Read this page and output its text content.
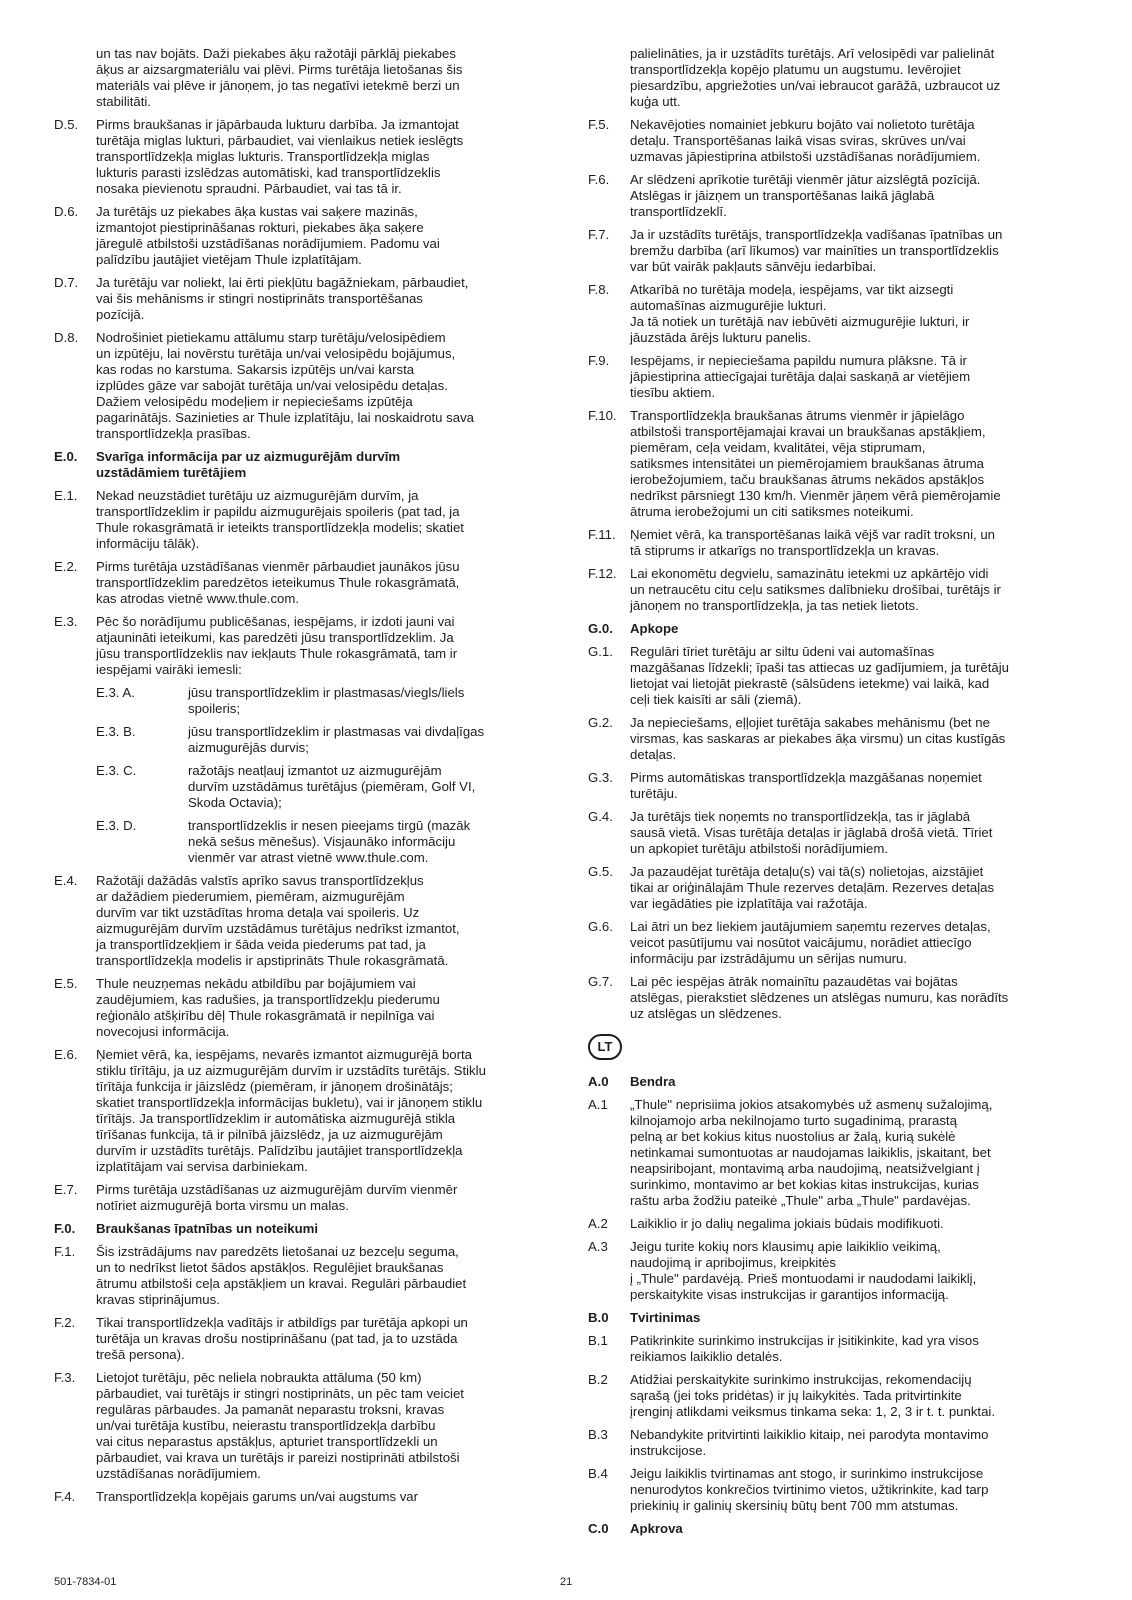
un tas nav bojāts. Daži piekabes āķu ražotāji pārklāj piekabes
āķus ar aizsargmateriālu vai plēvi. Pirms turētāja lietošanas šis
materiāls vai plēve ir jānoņem, jo tas negatīvi ietekmē berzi un
stabilitāti.
D.5.	Pirms braukšanas ir jāpārbauda lukturu darbība. Ja izmantojat
turētāja miglas lukturi, pārbaudiet, vai vienlaikus netiek ieslēgts
transportlīdzekļa miglas lukturis. Transportlīdzekļa miglas
lukturis parasti izslēdzas automātiski, kad transportlīdzeklis
nosaka pievienotu spraudni. Pārbaudiet, vai tas tā ir.
D.6.	Ja turētājs uz piekabes āķa kustas vai saķere mazinās,
izmantojot piestiprināšanas rokturi, piekabes āķa saķere
jāregulē atbilstoši uzstādīšanas norādījumiem. Padomu vai
palīdzību jautājiet vietējam Thule izplatītājam.
D.7.	Ja turētāju var noliekt, lai ērti piekļūtu bagāžniekam, pārbaudiet,
vai šis mehānisms ir stingri nostiprināts transportēšanas
pozīcijā.
D.8.	Nodrošiniet pietiekamu attālumu starp turētāju/velosipēdiem
un izpūtēju, lai novērstu turētāja un/vai velosipēdu bojājumus,
kas rodas no karstuma. Sakarsis izpūtējs un/vai karsta
izplūdes gāze var sabojāt turētāja un/vai velosipēdu detaļas.
Dažiem velosipēdu modeļiem ir nepieciešams izpūtēja
pagarinātājs. Sazinieties ar Thule izplatītāju, lai noskaidrotu sava
transportlīdzekļa prasības.
E.0.	Svarīga informācija par uz aizmugurējām durvīm
uzstādāmiem turētājiem
E.1.	Nekad neuzstādiet turētāju uz aizmugurējām durvīm, ja
transportlīdzeklim ir papildu aizmugurējais spoileris (pat tad, ja
Thule rokasgrāmatā ir ieteikts transportlīdzekļa modelis; skatiet
informāciju tālāk).
E.2.	Pirms turētāja uzstādīšanas vienmēr pārbaudiet jaunākos jūsu
transportlīdzeklim paredzētos ieteikumus Thule rokasgrāmatā,
kas atrodas vietnē www.thule.com.
E.3.	Pēc šo norādījumu publicēšanas, iespējams, ir izdoti jauni vai
atjaunināti ieteikumi, kas paredzēti jūsu transportlīdzeklim. Ja
jūsu transportlīdzeklis nav iekļauts Thule rokasgrāmatā, tam ir
iespējami vairāki iemesli:
E.3. A.	jūsu transportlīdzeklim ir plastmasas/viegls/liels
spoileris;
E.3. B.	jūsu transportlīdzeklim ir plastmasas vai divdaļīgas
aizmugurējās durvis;
E.3. C.	ražotājs neatļauj izmantot uz aizmugurējām
durvīm uzstādāmus turētājus (piemēram, Golf VI,
Skoda Octavia);
E.3. D.	transportlīdzeklis ir nesen pieejams tirgū (mazāk
nekā sešus mēnešus). Visjaunāko informāciju
vienmēr var atrast vietnē www.thule.com.
E.4.	Ražotāji dažādās valstīs aprīko savus transportlīdzekļus
ar dažādiem piederumiem, piemēram, aizmugurējām
durvīm var tikt uzstādītas hroma detaļa vai spoileris. Uz
aizmugurējām durvīm uzstādāmus turētājus nedrīkst izmantot,
ja transportlīdzekļiem ir šāda veida piederums pat tad, ja
transportlīdzekļa modelis ir apstiprināts Thule rokasgrāmatā.
E.5.	Thule neuzņemas nekādu atbildību par bojājumiem vai
zaudējumiem, kas radušies, ja transportlīdzekļu piederumu
reģionālo atšķirību dēļ Thule rokasgrāmatā ir nepilnīga vai
novecojusi informācija.
E.6.	Ņemiet vērā, ka, iespējams, nevarēs izmantot aizmugurējā borta
stiklu tīrītāju, ja uz aizmugurējām durvīm ir uzstādīts turētājs. Stiklu
tīrītāja funkcija ir jāizslēdz (piemēram, ir jānoņem drošinātājs;
skatiet transportlīdzekļa informācijas bukletu), vai ir jānoņem stiklu
tīrītājs. Ja transportlīdzeklim ir automātiska aizmugurējā stikla
tīrīšanas funkcija, tā ir pilnībā jāizslēdz, ja uz aizmugurējām
durvīm ir uzstādīts turētājs. Palīdzību jautājiet transportlīdzekļa
izplatītājam vai servisa darbiniekam.
E.7.	Pirms turētāja uzstādīšanas uz aizmugurējām durvīm vienmēr
notīriet aizmugurējā borta virsmu un malas.
F.0.	Braukšanas īpatnības un noteikumi
F.1.	Šis izstrādājums nav paredzēts lietošanai uz bezceļu seguma,
un to nedrīkst lietot šādos apstākļos. Regulējiet braukšanas
ātrumu atbilstoši ceļa apstākļiem un kravai. Regulāri pārbaudiet
kravas stiprinājumus.
F.2.	Tikai transportlīdzekļa vadītājs ir atbildīgs par turētāja apkopi un
turētāja un kravas drošu nostiprināšanu (pat tad, ja to uzstāda
trešā persona).
F.3.	Lietojot turētāju, pēc neliela nobraukta attāluma (50 km)
pārbaudiet, vai turētājs ir stingri nostiprināts, un pēc tam veiciet
regulāras pārbaudes. Ja pamanāt neparastu troksni, kravas
un/vai turētāja kustību, neierastu transportlīdzekļa darbību
vai citus neparastus apstākļus, apturiet transportlīdzekli un
pārbaudiet, vai krava un turētājs ir pareizi nostiprināti atbilstoši
uzstādīšanas norādījumiem.
F.4.	Transportlīdzekļa kopējais garums un/vai augstums var
palielināties, ja ir uzstādīts turētājs. Arī velosipēdi var palielināt
transportlīdzekļa kopējo platumu un augstumu. Ievērojiet
piesardzību, apgriežoties un/vai iebraucot garāžā, uzbraucot uz
kuģa utt.
F.5.	Nekavējoties nomainiet jebkuru bojāto vai nolietoto turētāja
detaļu. Transportēšanas laikā visas sviras, skrūves un/vai
uzmavas jāpiestiprina atbilstoši uzstādīšanas norādījumiem.
F.6.	Ar slēdzeni aprīkotie turētāji vienmēr jātur aizslēgtā pozīcijā.
Atslēgas ir jāizņem un transportēšanas laikā jāglabā
transportlīdzeklī.
F.7.	Ja ir uzstādīts turētājs, transportlīdzekļa vadīšanas īpatnības un
bremžu darbība (arī līkumos) var mainīties un transportlīdzeklis
var būt vairāk pakļauts sānvēju iedarbībai.
F.8.	Atkarībā no turētāja modeļa, iespējams, var tikt aizsegti
automašīnas aizmugurējie lukturi.
Ja tā notiek un turētājā nav iebūvēti aizmugurējie lukturi, ir
jāuzstāda ārējs lukturu panelis.
F.9.	Iespējams, ir nepieciešama papildu numura plāksne. Tā ir
jāpiestiprina attiecīgajai turētāja daļai saskaņā ar vietējiem
tiesību aktiem.
F.10.	Transportlīdzekļa braukšanas ātrums vienmēr ir jāpielāgo
atbilstoši transportējamajai kravai un braukšanas apstākļiem,
piemēram, ceļa veidam, kvalitātei, vēja stiprumam,
satiksmes intensitātei un piemērojamiem braukšanas ātruma
ierobežojumiem, taču braukšanas ātrums nekādos apstākļos
nedrīkst pārsniegt 130 km/h. Vienmēr jāņem vērā piemērojamie
ātruma ierobežojumi un citi satiksmes noteikumi.
F.11.	Ņemiet vērā, ka transportēšanas laikā vējš var radīt troksni, un
tā stiprums ir atkarīgs no transportlīdzekļa un kravas.
F.12.	Lai ekonomētu degvielu, samazinātu ietekmi uz apkārtējo vidi
un netraucētu citu ceļu satiksmes dalībnieku drošībai, turētājs ir
jānoņem no transportlīdzekļa, ja tas netiek lietots.
G.0.	Apkope
G.1.	Regulāri tīriet turētāju ar siltu ūdeni vai automašīnas
mazgāšanas līdzekli; īpaši tas attiecas uz gadījumiem, ja turētāju
lietojat vai lietojāt piekrastē (sālsūdens ietekme) vai laikā, kad
ceļi tiek kaisīti ar sāli (ziemā).
G.2.	Ja nepieciešams, eļļojiet turētāja sakabes mehānismu (bet ne
virsmas, kas saskaras ar piekabes āķa virsmu) un citas kustīgās
detaļas.
G.3.	Pirms automātiskas transportlīdzekļa mazgāšanas noņemiet
turētāju.
G.4.	Ja turētājs tiek noņemts no transportlīdzekļa, tas ir jāglabā
sausā vietā. Visas turētāja detaļas ir jāglabā drošā vietā. Tīriet
un apkopiet turētāju atbilstoši norādījumiem.
G.5.	Ja pazaudējat turētāja detaļu(s) vai tā(s) nolietojas, aizstājiet
tikai ar oriģinālajām Thule rezerves detaļām. Rezerves detaļas
var iegādāties pie izplatītāja vai ražotāja.
G.6.	Lai ātri un bez liekiem jautājumiem saņemtu rezerves detaļas,
veicot pasūtījumu vai nosūtot vaicājumu, norādiet attiecīgo
informāciju par izstrādājumu un sērijas numuru.
G.7.	Lai pēc iespējas ātrāk nomainītu pazaudētas vai bojātas
atslēgas, pierakstiet slēdzenes un atslēgas numuru, kas norādīts
uz atslēgas un slēdzenes.
LT
A.0	Bendra
A.1	„Thule" neprisiima jokios atsakomybės už asmenų sužalojimą,
kilnojamojo arba nekilnojamo turto sugadinimą, prarastą
pelną ar bet kokius kitus nuostolius ar žalą, kurią sukėlė
netinkamai sumontuotas ar naudojamas laikiklis, įskaitant, bet
neapsiribojant, montavimą arba naudojimą, neatsižvelgiant į
surinkimo, montavimo ar bet kokias kitas instrukcijas, kurias
raštu arba žodžiu pateikė „Thule" arba „Thule" pardavėjas.
A.2	Laikiklio ir jo dalių negalima jokiais būdais modifikuoti.
A.3	Jeigu turite kokių nors klausimų apie laikiklio veikimą,
naudojimą ir apribojimus, kreipkitės
į „Thule" pardavėją. Prieš montuodami ir naudodami laikiklį,
perskaitykite visas instrukcijas ir garantijos informaciją.
B.0	Tvirtinimas
B.1	Patikrinkite surinkimo instrukcijas ir įsitikinkite, kad yra visos
reikiamos laikiklio detalės.
B.2	Atidžiai perskaitykite surinkimo instrukcijas, rekomendacijų
sąrašą (jei toks pridėtas) ir jų laikykitės. Tada pritvirtinkite
įrenginį atlikdami veiksmus tinkama seka: 1, 2, 3 ir t. t. punktai.
B.3	Nebandykite pritvirtinti laikiklio kitaip, nei parodyta montavimo
instrukcijose.
B.4	Jeigu laikiklis tvirtinamas ant stogo, ir surinkimo instrukcijose
nenurodytos konkrečios tvirtinimo vietos, užtikrinkite, kad tarp
priekinių ir galinių skersinių būtų bent 700 mm atstumas.
C.0	Apkrova
501-7834-01	21
